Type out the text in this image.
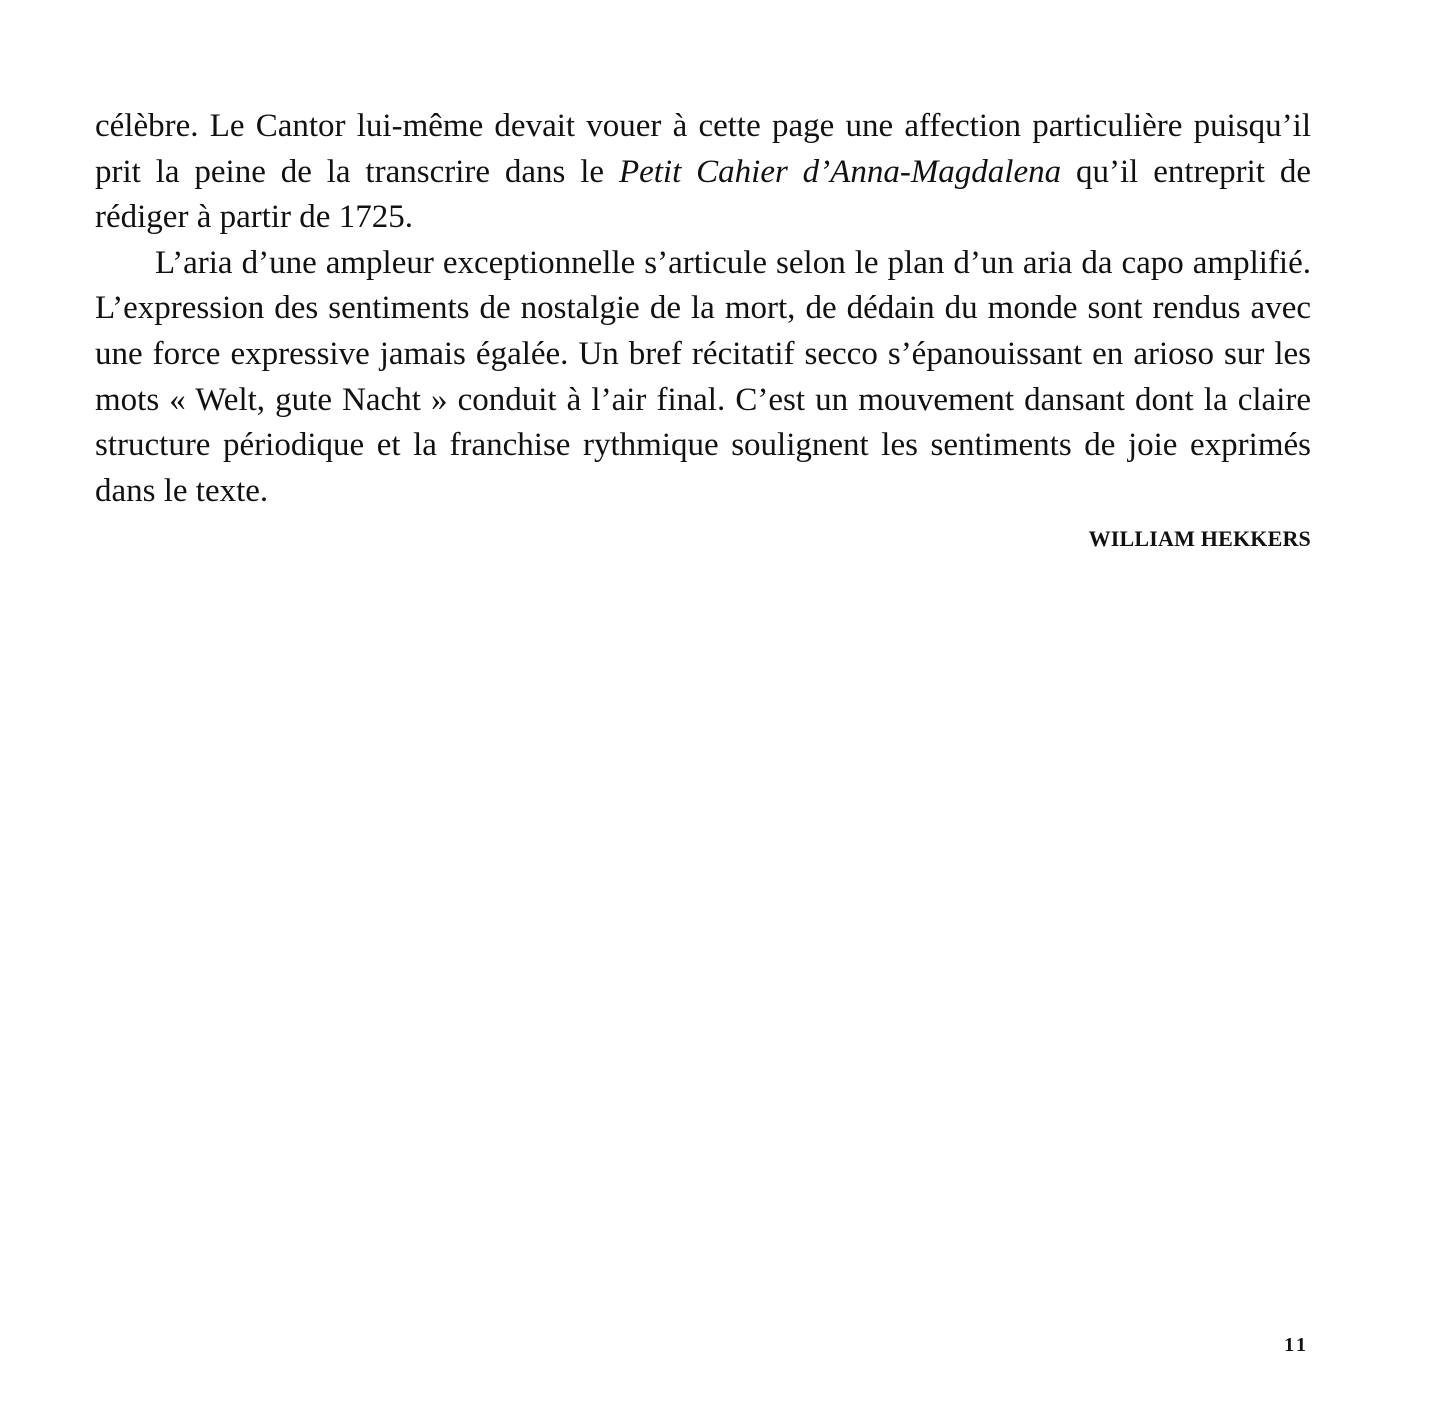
célèbre. Le Cantor lui-même devait vouer à cette page une affection particulière puisqu’il prit la peine de la transcrire dans le Petit Cahier d’Anna-Magdalena qu’il entreprit de rédiger à partir de 1725.

L’aria d’une ampleur exceptionnelle s’articule selon le plan d’un aria da capo amplifié. L’expression des sentiments de nostalgie de la mort, de dédain du monde sont rendus avec une force expressive jamais égalée. Un bref récitatif secco s’épanouissant en arioso sur les mots « Welt, gute Nacht » conduit à l’air final. C’est un mouvement dansant dont la claire structure périodique et la franchise rythmique soulignent les sentiments de joie exprimés dans le texte.

WILLIAM HEKKERS
11
